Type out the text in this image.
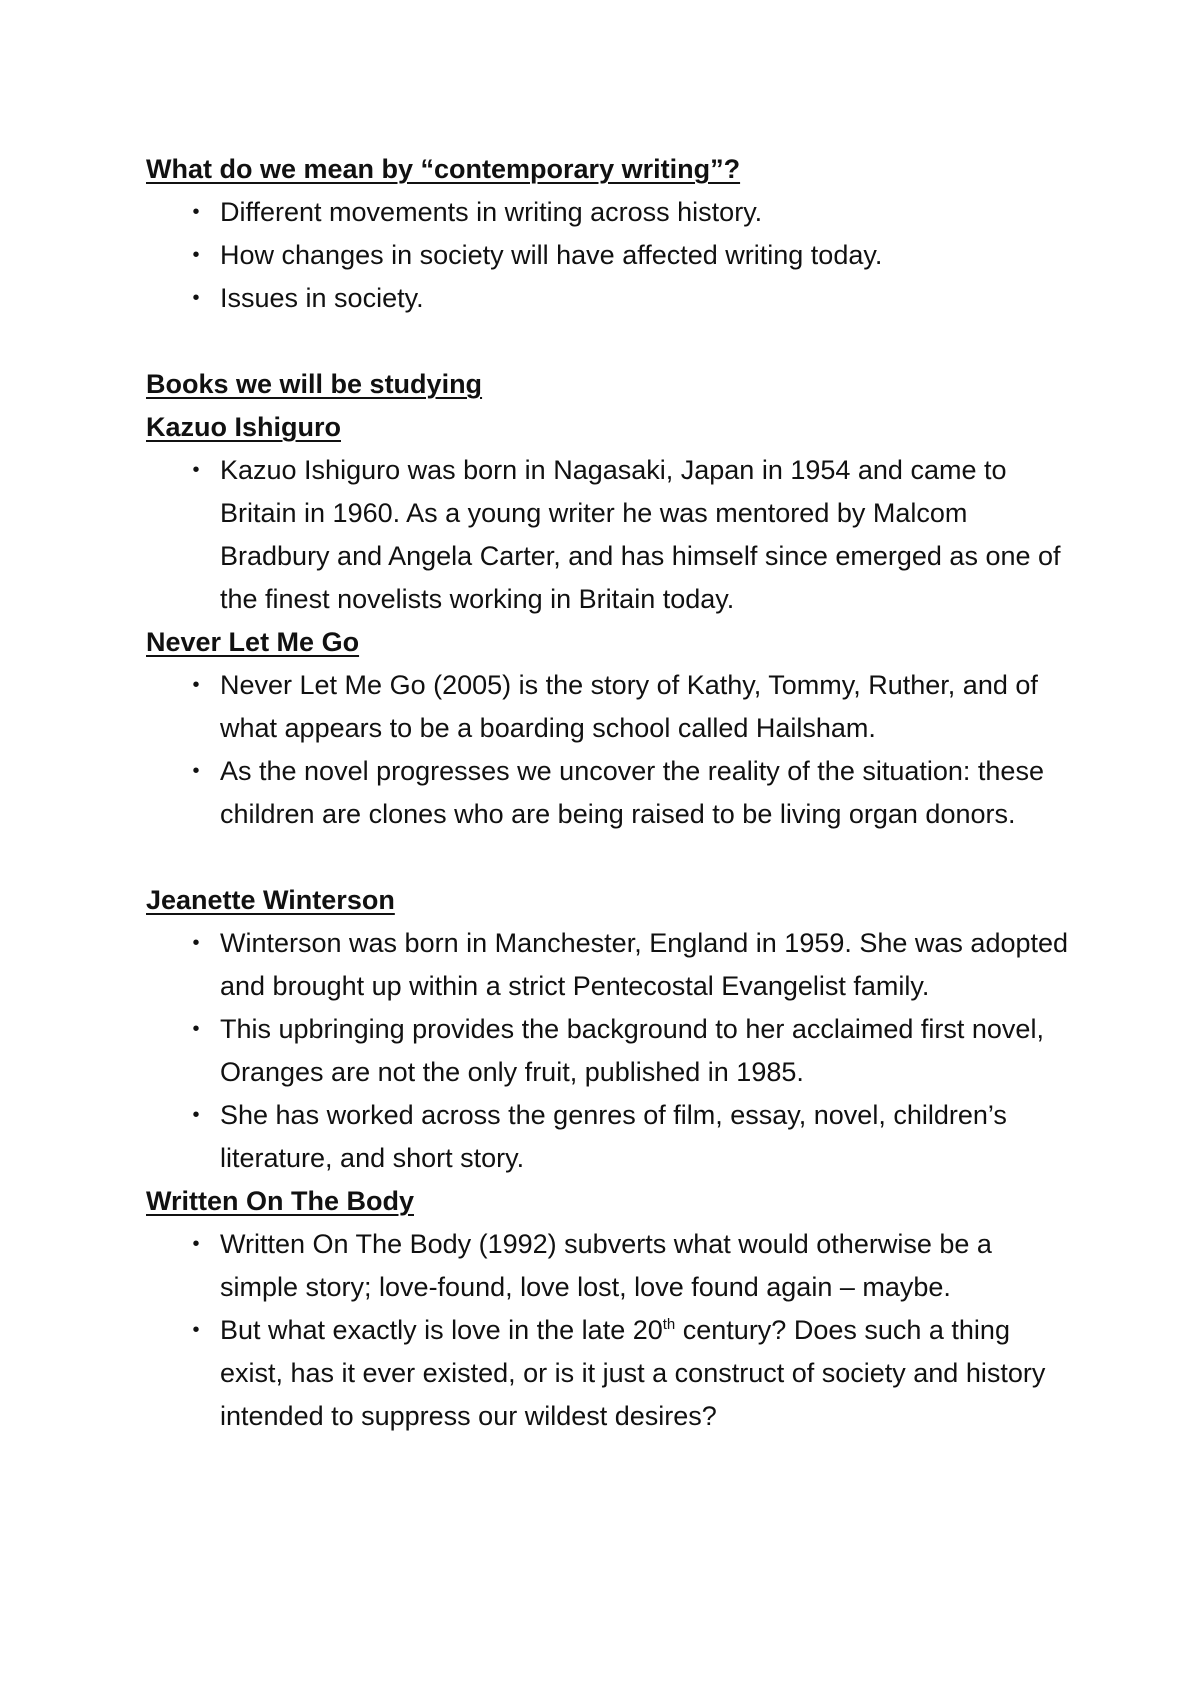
What do we mean by “contemporary writing”?

• Different movements in writing across history.
• How changes in society will have affected writing today.
• Issues in society.

Books we will be studying

Kazuo Ishiguro

• Kazuo Ishiguro was born in Nagasaki, Japan in 1954 and came to Britain in 1960. As a young writer he was mentored by Malcom Bradbury and Angela Carter, and has himself since emerged as one of the finest novelists working in Britain today.

Never Let Me Go

• Never Let Me Go (2005) is the story of Kathy, Tommy, Ruther, and of what appears to be a boarding school called Hailsham.
• As the novel progresses we uncover the reality of the situation: these children are clones who are being raised to be living organ donors.

Jeanette Winterson

• Winterson was born in Manchester, England in 1959. She was adopted and brought up within a strict Pentecostal Evangelist family.
• This upbringing provides the background to her acclaimed first novel, Oranges are not the only fruit, published in 1985.
• She has worked across the genres of film, essay, novel, children’s literature, and short story.

Written On The Body

• Written On The Body (1992) subverts what would otherwise be a simple story; love-found, love lost, love found again – maybe.
• But what exactly is love in the late 20th century? Does such a thing exist, has it ever existed, or is it just a construct of society and history intended to suppress our wildest desires?
